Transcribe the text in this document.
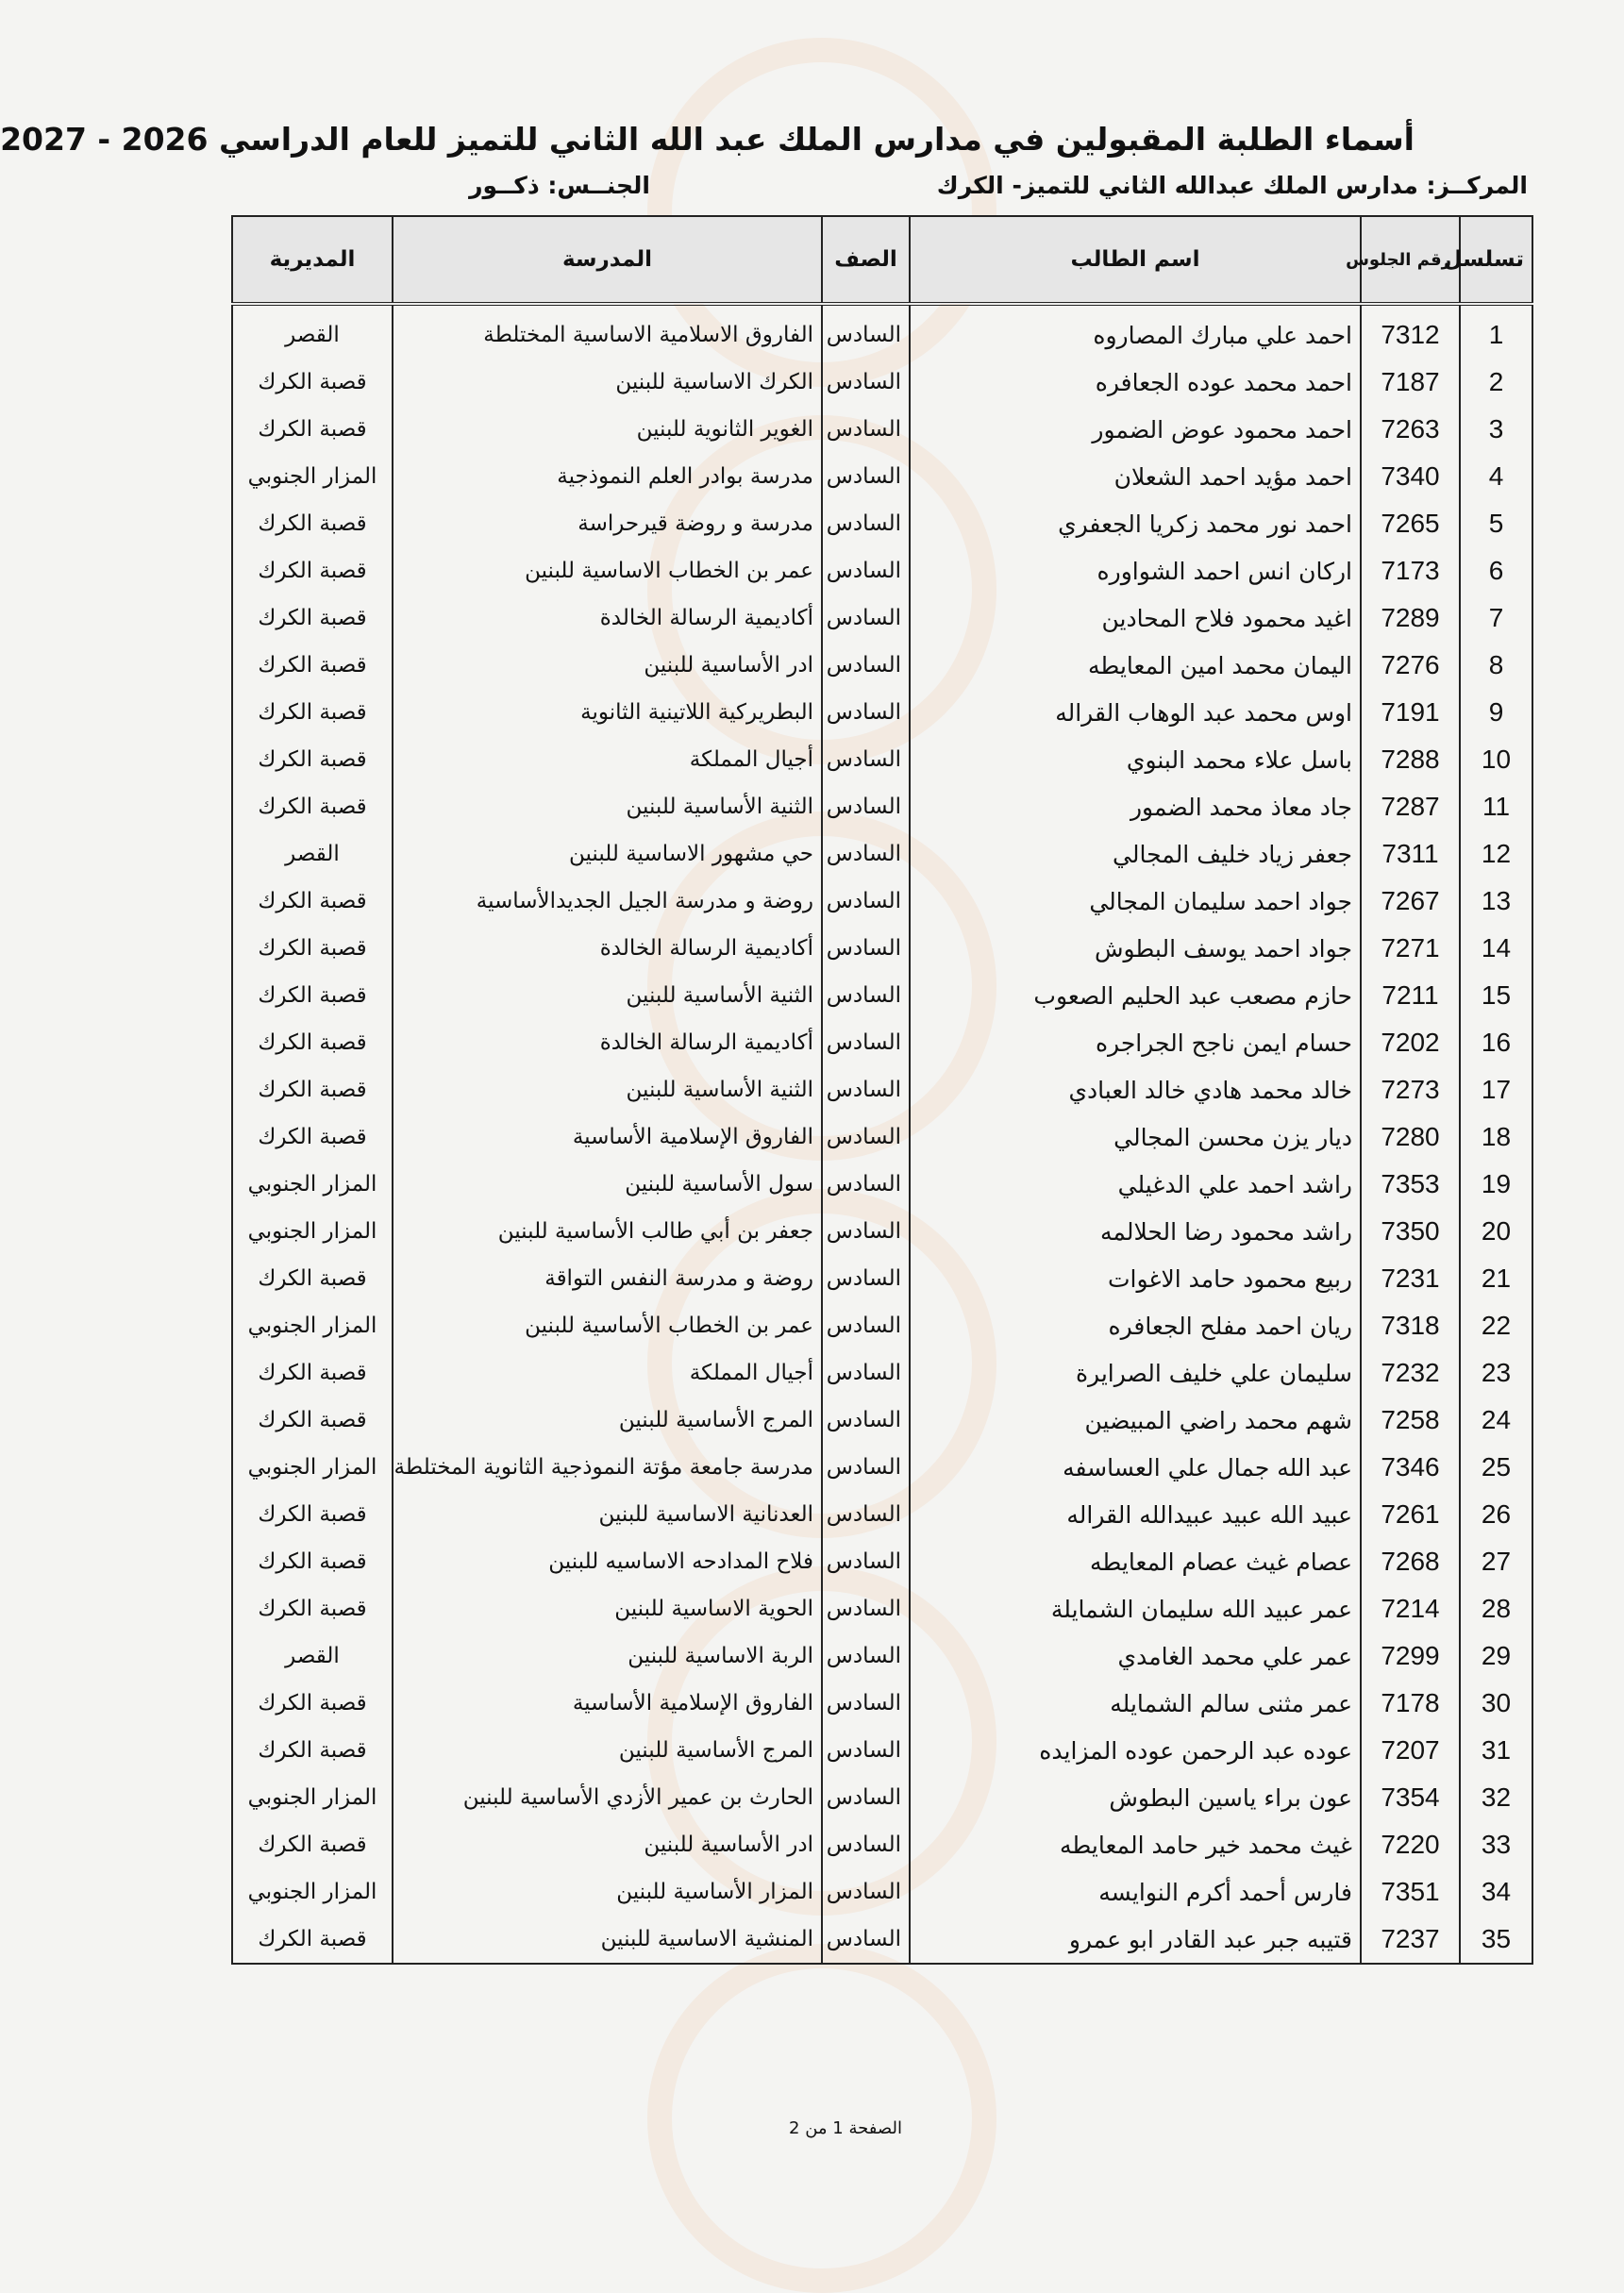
أسماء الطلبة المقبولين في مدارس الملك عبد الله الثاني للتميز للعام الدراسي 2026 - 2027
المركــز: مدارس الملك عبدالله الثاني للتميز- الكرك
الجنــس: ذكــور
تسلسل	رقم الجلوس	اسم الطالب	الصف	المدرسة	المديرية
1	7312	احمد علي مبارك المصاروه	السادس	الفاروق الاسلامية الاساسية المختلطة	القصر
2	7187	احمد محمد عوده الجعافره	السادس	الكرك الاساسية للبنين	قصبة الكرك
3	7263	احمد محمود عوض الضمور	السادس	الغوير الثانوية للبنين	قصبة الكرك
4	7340	احمد مؤيد احمد الشعلان	السادس	مدرسة بوادر العلم النموذجية	المزار الجنوبي
5	7265	احمد نور محمد زكريا الجعفري	السادس	مدرسة و روضة قيرحراسة	قصبة الكرك
6	7173	اركان انس احمد الشواوره	السادس	عمر بن الخطاب الاساسية للبنين	قصبة الكرك
7	7289	اغيد محمود فلاح المحادين	السادس	أكاديمية الرسالة الخالدة	قصبة الكرك
8	7276	اليمان محمد امين المعايطه	السادس	ادر الأساسية للبنين	قصبة الكرك
9	7191	اوس محمد عبد الوهاب القراله	السادس	البطريركية اللاتينية الثانوية	قصبة الكرك
10	7288	باسل علاء محمد البنوي	السادس	أجيال المملكة	قصبة الكرك
11	7287	جاد معاذ محمد الضمور	السادس	الثنية الأساسية للبنين	قصبة الكرك
12	7311	جعفر زياد خليف المجالي	السادس	حي مشهور الاساسية للبنين	القصر
13	7267	جواد احمد سليمان المجالي	السادس	روضة و مدرسة الجيل الجديدالأساسية	قصبة الكرك
14	7271	جواد احمد يوسف البطوش	السادس	أكاديمية الرسالة الخالدة	قصبة الكرك
15	7211	حازم مصعب عبد الحليم الصعوب	السادس	الثنية الأساسية للبنين	قصبة الكرك
16	7202	حسام ايمن ناجح الجراجره	السادس	أكاديمية الرسالة الخالدة	قصبة الكرك
17	7273	خالد محمد هادي خالد العبادي	السادس	الثنية الأساسية للبنين	قصبة الكرك
18	7280	ديار يزن محسن المجالي	السادس	الفاروق الإسلامية الأساسية	قصبة الكرك
19	7353	راشد احمد علي الدغيلي	السادس	سول الأساسية للبنين	المزار الجنوبي
20	7350	راشد محمود رضا الحلالمه	السادس	جعفر بن أبي طالب الأساسية للبنين	المزار الجنوبي
21	7231	ربيع محمود حامد الاغوات	السادس	روضة و مدرسة النفس التواقة	قصبة الكرك
22	7318	ريان احمد مفلح الجعافره	السادس	عمر بن الخطاب الأساسية للبنين	المزار الجنوبي
23	7232	سليمان علي خليف الصرايرة	السادس	أجيال المملكة	قصبة الكرك
24	7258	شهم محمد راضي المبيضين	السادس	المرج الأساسية للبنين	قصبة الكرك
25	7346	عبد الله جمال علي العساسفه	السادس	مدرسة جامعة مؤتة النموذجية الثانوية المختلطة	المزار الجنوبي
26	7261	عبيد الله عبيد عبيدالله القراله	السادس	العدنانية الاساسية للبنين	قصبة الكرك
27	7268	عصام غيث عصام المعايطه	السادس	فلاح المدادحه الاساسيه للبنين	قصبة الكرك
28	7214	عمر عبيد الله سليمان الشمايلة	السادس	الحوية الاساسية للبنين	قصبة الكرك
29	7299	عمر علي محمد الغامدي	السادس	الربة الاساسية للبنين	القصر
30	7178	عمر مثنى سالم الشمايله	السادس	الفاروق الإسلامية الأساسية	قصبة الكرك
31	7207	عوده عبد الرحمن عوده المزايده	السادس	المرج الأساسية للبنين	قصبة الكرك
32	7354	عون براء ياسين البطوش	السادس	الحارث بن عمير الأزدي الأساسية للبنين	المزار الجنوبي
33	7220	غيث محمد خير حامد المعايطه	السادس	ادر الأساسية للبنين	قصبة الكرك
34	7351	فارس أحمد أكرم النوايسه	السادس	المزار الأساسية للبنين	المزار الجنوبي
35	7237	قتيبه جبر عبد القادر ابو عمرو	السادس	المنشية الاساسية للبنين	قصبة الكرك
الصفحة 1 من 2
